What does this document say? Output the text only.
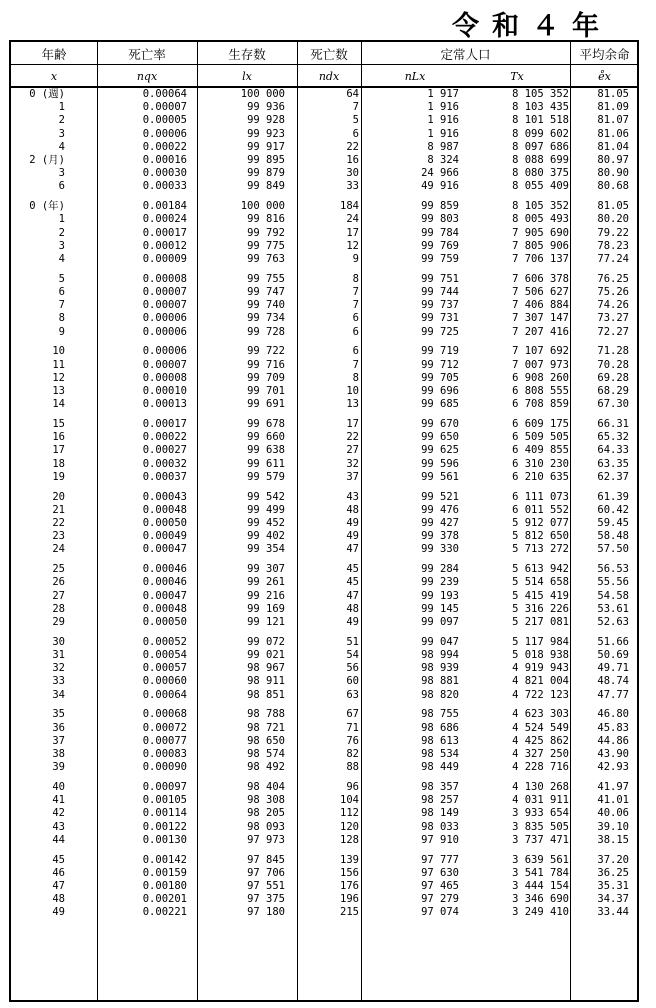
令和４年
年齢	死亡率	生存数	死亡数	定常人口	平均余命
x	nqx	lx	ndx	nLx	Tx	e̊x
0 (週)	0.00064	100 000	64	1 917	8 105 352	81.05
1	0.00007	99 936	7	1 916	8 103 435	81.09
2	0.00005	99 928	5	1 916	8 101 518	81.07
3	0.00006	99 923	6	1 916	8 099 602	81.06
4	0.00022	99 917	22	8 987	8 097 686	81.04
2 (月)	0.00016	99 895	16	8 324	8 088 699	80.97
3	0.00030	99 879	30	24 966	8 080 375	80.90
6	0.00033	99 849	33	49 916	8 055 409	80.68
0 (年)	0.00184	100 000	184	99 859	8 105 352	81.05
1	0.00024	99 816	24	99 803	8 005 493	80.20
2	0.00017	99 792	17	99 784	7 905 690	79.22
3	0.00012	99 775	12	99 769	7 805 906	78.23
4	0.00009	99 763	9	99 759	7 706 137	77.24
5	0.00008	99 755	8	99 751	7 606 378	76.25
6	0.00007	99 747	7	99 744	7 506 627	75.26
7	0.00007	99 740	7	99 737	7 406 884	74.26
8	0.00006	99 734	6	99 731	7 307 147	73.27
9	0.00006	99 728	6	99 725	7 207 416	72.27
10	0.00006	99 722	6	99 719	7 107 692	71.28
11	0.00007	99 716	7	99 712	7 007 973	70.28
12	0.00008	99 709	8	99 705	6 908 260	69.28
13	0.00010	99 701	10	99 696	6 808 555	68.29
14	0.00013	99 691	13	99 685	6 708 859	67.30
15	0.00017	99 678	17	99 670	6 609 175	66.31
16	0.00022	99 660	22	99 650	6 509 505	65.32
17	0.00027	99 638	27	99 625	6 409 855	64.33
18	0.00032	99 611	32	99 596	6 310 230	63.35
19	0.00037	99 579	37	99 561	6 210 635	62.37
20	0.00043	99 542	43	99 521	6 111 073	61.39
21	0.00048	99 499	48	99 476	6 011 552	60.42
22	0.00050	99 452	49	99 427	5 912 077	59.45
23	0.00049	99 402	49	99 378	5 812 650	58.48
24	0.00047	99 354	47	99 330	5 713 272	57.50
25	0.00046	99 307	45	99 284	5 613 942	56.53
26	0.00046	99 261	45	99 239	5 514 658	55.56
27	0.00047	99 216	47	99 193	5 415 419	54.58
28	0.00048	99 169	48	99 145	5 316 226	53.61
29	0.00050	99 121	49	99 097	5 217 081	52.63
30	0.00052	99 072	51	99 047	5 117 984	51.66
31	0.00054	99 021	54	98 994	5 018 938	50.69
32	0.00057	98 967	56	98 939	4 919 943	49.71
33	0.00060	98 911	60	98 881	4 821 004	48.74
34	0.00064	98 851	63	98 820	4 722 123	47.77
35	0.00068	98 788	67	98 755	4 623 303	46.80
36	0.00072	98 721	71	98 686	4 524 549	45.83
37	0.00077	98 650	76	98 613	4 425 862	44.86
38	0.00083	98 574	82	98 534	4 327 250	43.90
39	0.00090	98 492	88	98 449	4 228 716	42.93
40	0.00097	98 404	96	98 357	4 130 268	41.97
41	0.00105	98 308	104	98 257	4 031 911	41.01
42	0.00114	98 205	112	98 149	3 933 654	40.06
43	0.00122	98 093	120	98 033	3 835 505	39.10
44	0.00130	97 973	128	97 910	3 737 471	38.15
45	0.00142	97 845	139	97 777	3 639 561	37.20
46	0.00159	97 706	156	97 630	3 541 784	36.25
47	0.00180	97 551	176	97 465	3 444 154	35.31
48	0.00201	97 375	196	97 279	3 346 690	34.37
49	0.00221	97 180	215	97 074	3 249 410	33.44
